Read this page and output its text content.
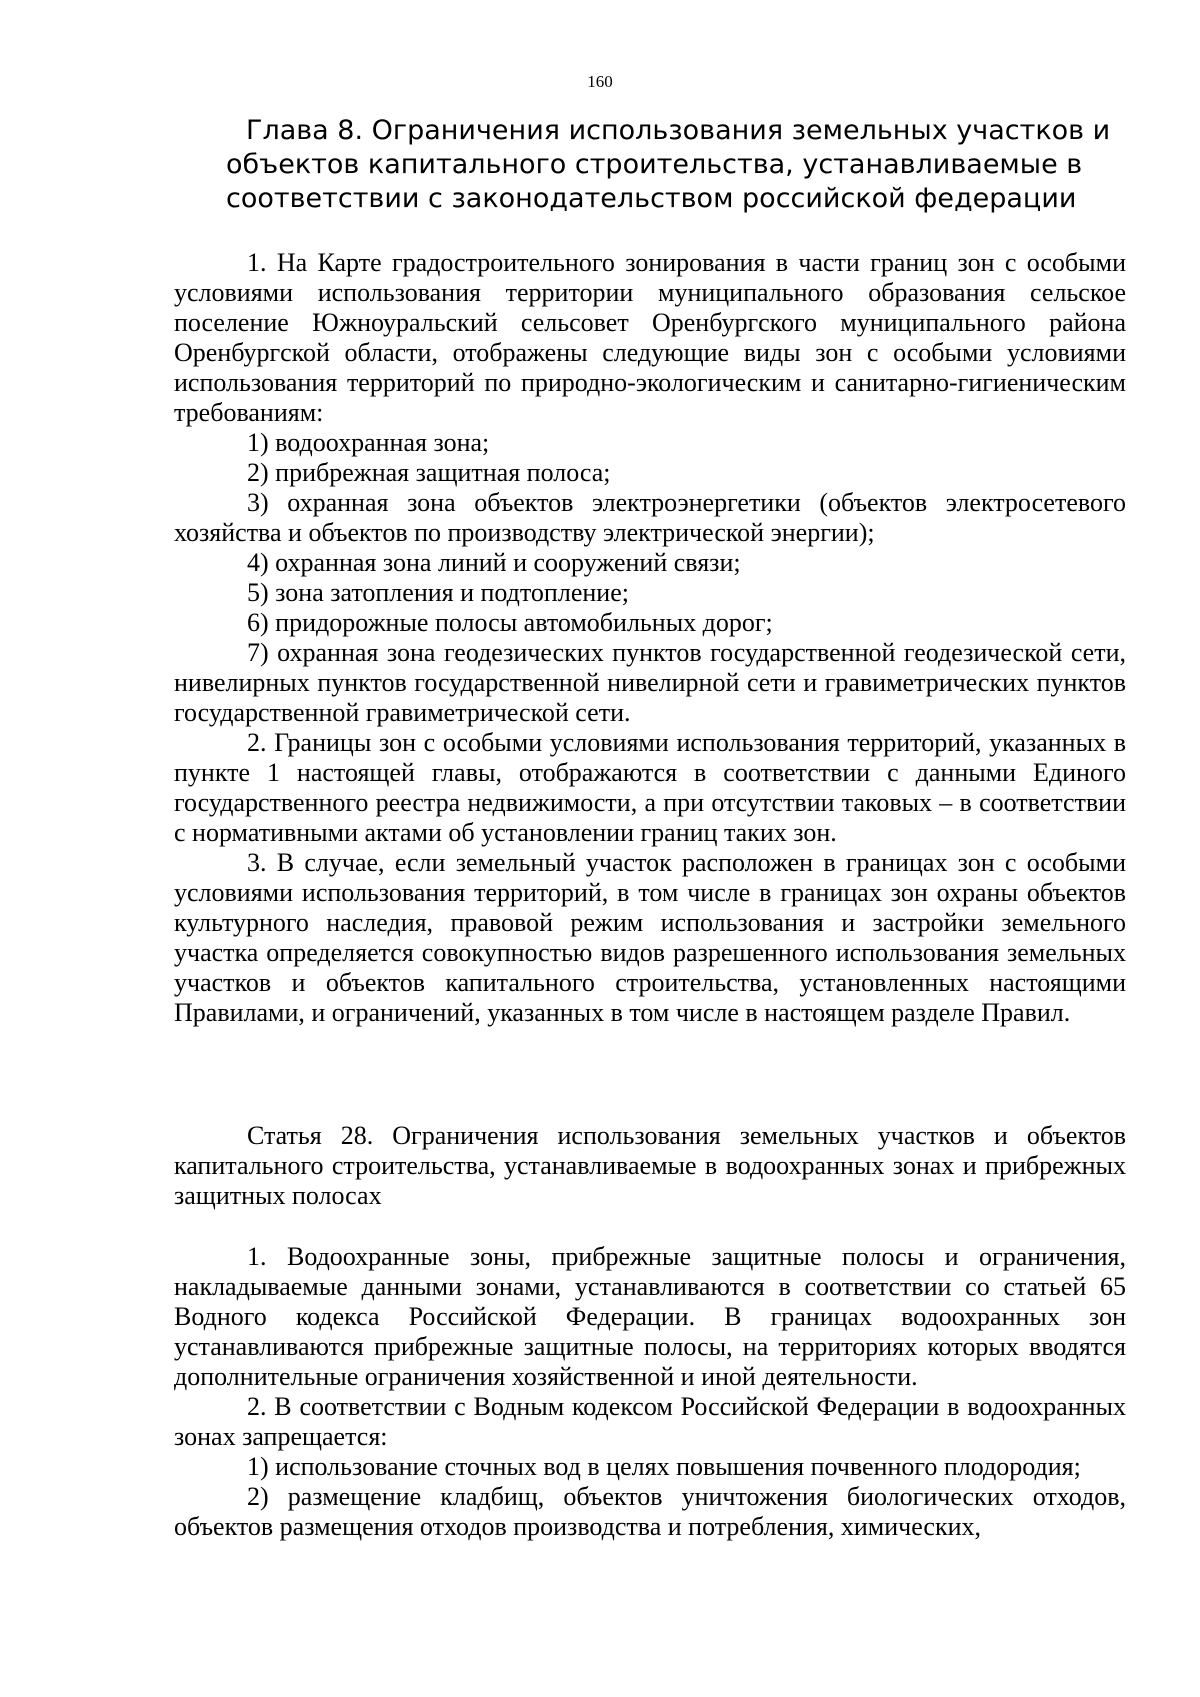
160
Глава 8. Ограничения использования земельных участков и
объектов капитального строительства, устанавливаемые в
соответствии с законодательством российской федерации

1. На Карте градостроительного зонирования в части границ зон с особыми условиями использования территории муниципального образования сельское поселение Южноуральский сельсовет Оренбургского муниципального района Оренбургской области, отображены следующие виды зон с особыми условиями использования территорий по природно-экологическим и санитарно-гигиеническим требованиям:

1) водоохранная зона;

2) прибрежная защитная полоса;

3) охранная зона объектов электроэнергетики (объектов электросетевого хозяйства и объектов по производству электрической энергии);

4) охранная зона линий и сооружений связи;

5) зона затопления и подтопление;

6) придорожные полосы автомобильных дорог;

7) охранная зона геодезических пунктов государственной геодезической сети, нивелирных пунктов государственной нивелирной сети и гравиметрических пунктов государственной гравиметрической сети.

2. Границы зон с особыми условиями использования территорий, указанных в пункте 1 настоящей главы, отображаются в соответствии с данными Единого государственного реестра недвижимости, а при отсутствии таковых – в соответствии с нормативными актами об установлении границ таких зон.

3. В случае, если земельный участок расположен в границах зон с особыми условиями использования территорий, в том числе в границах зон охраны объектов культурного наследия, правовой режим использования и застройки земельного участка определяется совокупностью видов разрешенного использования земельных участков и объектов капитального строительства, установленных настоящими Правилами, и ограничений, указанных в том числе в настоящем разделе Правил.

Статья 28. Ограничения использования земельных участков и объектов капитального строительства, устанавливаемые в водоохранных зонах и прибрежных защитных полосах

1. Водоохранные зоны, прибрежные защитные полосы и ограничения, накладываемые данными зонами, устанавливаются в соответствии со статьей 65 Водного кодекса Российской Федерации. В границах водоохранных зон устанавливаются прибрежные защитные полосы, на территориях которых вводятся дополнительные ограничения хозяйственной и иной деятельности.

2. В соответствии с Водным кодексом Российской Федерации в водоохранных зонах запрещается:

1) использование сточных вод в целях повышения почвенного плодородия;

2) размещение кладбищ, объектов уничтожения биологических отходов, объектов размещения отходов производства и потребления, химических,
